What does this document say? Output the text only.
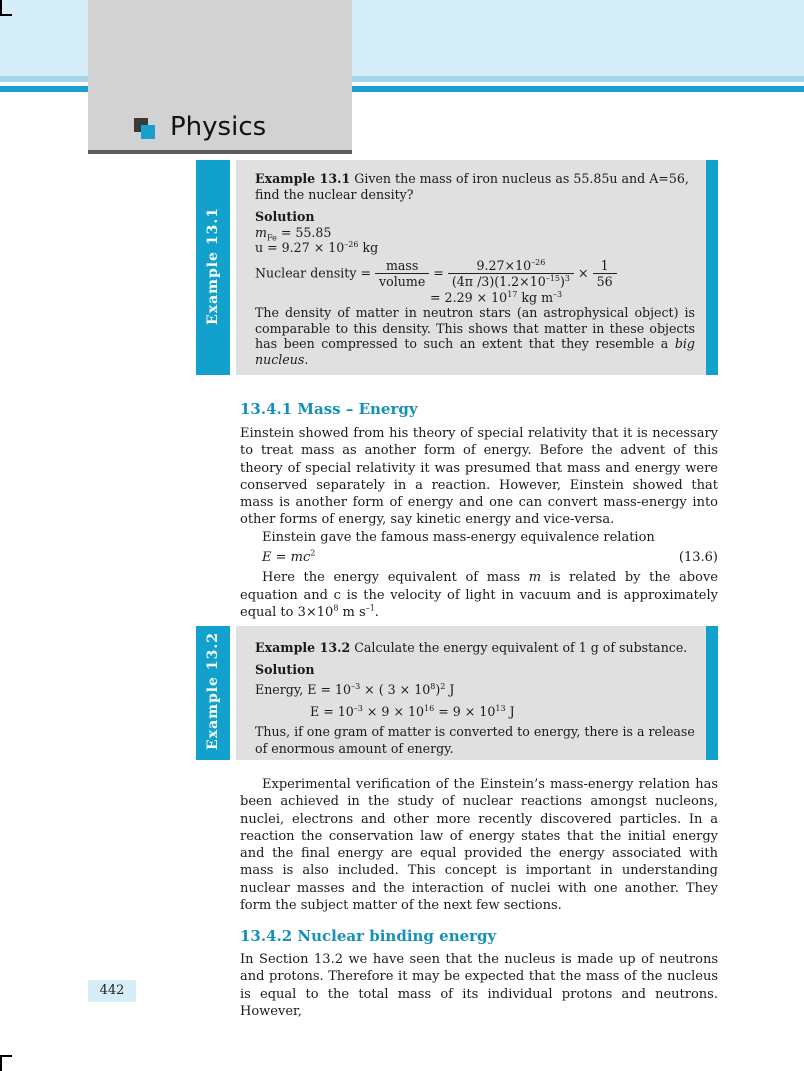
Physics
Example 13.1
Example 13.1 Given the mass of iron nucleus as 55.85u and A=56, find the nuclear density?
Solution
$m_{Fe} = 55.85$
$u = 9.27 \times 10^{-26}$ kg
Nuclear density = $\frac{\text{mass}}{\text{volume}} = \frac{9.27\times 10^{-26}}{(4\pi /3)(1.2\times 10^{-15})^3} \times \frac{1}{56}$
= $2.29 \times 10^{17}$ kg $m^{-3}$
The density of matter in neutron stars (an astrophysical object) is comparable to this density. This shows that matter in these objects has been compressed to such an extent that they resemble a big nucleus.
13.4.1 Mass – Energy
Einstein showed from his theory of special relativity that it is necessary to treat mass as another form of energy. Before the advent of this theory of special relativity it was presumed that mass and energy were conserved separately in a reaction. However, Einstein showed that mass is another form of energy and one can convert mass-energy into other forms of energy, say kinetic energy and vice-versa.
Einstein gave the famous mass-energy equivalence relation
$E = mc^2$	(13.6)
Here the energy equivalent of mass m is related by the above equation and c is the velocity of light in vacuum and is approximately equal to $3\times 10^8$ m $s^{-1}$.
Example 13.2	Example 13.2 Calculate the energy equivalent of 1 g of substance.
Solution
Energy, $E = 10^{-3}$ × ( $3 \times 10^8)^2$ J
$E = 10^{-3} \times 9 \times 10^{16} = 9 \times 10^{13}$ J
Thus, if one gram of matter is converted to energy, there is a release of enormous amount of energy.
Experimental verification of the Einstein’s mass-energy relation has been achieved in the study of nuclear reactions amongst nucleons, nuclei, electrons and other more recently discovered particles. In a reaction the conservation law of energy states that the initial energy and the final energy are equal provided the energy associated with mass is also included. This concept is important in understanding nuclear masses and the interaction of nuclei with one another. They form the subject matter of the next few sections.
13.4.2 Nuclear binding energy
In Section 13.2 we have seen that the nucleus is made up of neutrons and protons. Therefore it may be expected that the mass of the nucleus is equal to the total mass of its individual protons and neutrons. However,
442
